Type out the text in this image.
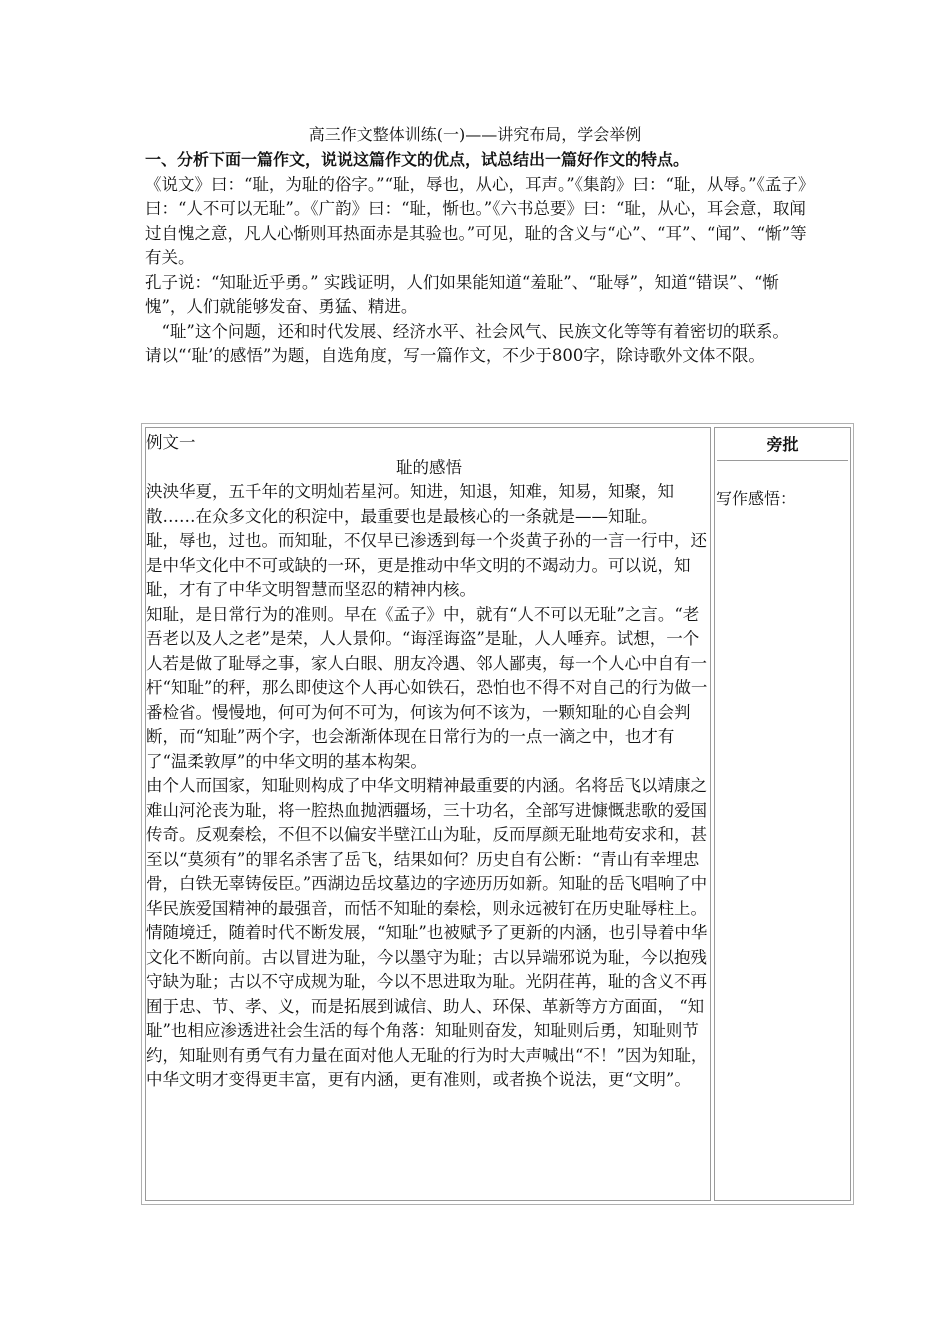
高三作文整体训练(一)——讲究布局，学会举例

一、分析下面一篇作文，说说这篇作文的优点，试总结出一篇好作文的特点。

《说文》曰：“耻，为耻的俗字。”“耻，辱也，从心，耳声。”《集韵》曰：“耻，从辱。”《孟子》曰：“人不可以无耻”。《广韵》曰：“耻，惭也。”《六书总要》曰：“耻，从心，耳会意，取闻过自愧之意，凡人心惭则耳热面赤是其验也。”可见，耻的含义与“心”、“耳”、“闻”、“惭”等有关。

孔子说：“知耻近乎勇。” 实践证明，人们如果能知道“羞耻”、“耻辱”，知道“错误”、“惭愧”，人们就能够发奋、勇猛、精进。

“耻”这个问题，还和时代发展、经济水平、社会风气、民族文化等等有着密切的联系。

请以“‘耻’的感悟”为题，自选角度，写一篇作文，不少于800字，除诗歌外文体不限。

例文一

耻的感悟

泱泱华夏，五千年的文明灿若星河。知进，知退，知难，知易，知聚，知散……在众多文化的积淀中，最重要也是最核心的一条就是——知耻。

耻，辱也，过也。而知耻，不仅早已渗透到每一个炎黄子孙的一言一行中，还是中华文化中不可或缺的一环，更是推动中华文明的不竭动力。可以说，知耻，才有了中华文明智慧而坚忍的精神内核。

知耻，是日常行为的准则。早在《孟子》中，就有“人不可以无耻”之言。“老吾老以及人之老”是荣，人人景仰。“诲淫诲盗”是耻，人人唾弃。试想，一个人若是做了耻辱之事，家人白眼、朋友冷遇、邻人鄙夷，每一个人心中自有一杆“知耻”的秤，那么即使这个人再心如铁石，恐怕也不得不对自己的行为做一番检省。慢慢地，何可为何不可为，何该为何不该为，一颗知耻的心自会判断，而“知耻”两个字，也会渐渐体现在日常行为的一点一滴之中，也才有了“温柔敦厚”的中华文明的基本构架。

由个人而国家，知耻则构成了中华文明精神最重要的内涵。名将岳飞以靖康之难山河沦丧为耻，将一腔热血抛洒疆场，三十功名，全部写进慷慨悲歌的爱国传奇。反观秦桧，不但不以偏安半壁江山为耻，反而厚颜无耻地苟安求和，甚至以“莫须有”的罪名杀害了岳飞，结果如何？历史自有公断：“青山有幸埋忠骨，白铁无辜铸佞臣。”西湖边岳坟墓边的字迹历历如新。知耻的岳飞唱响了中华民族爱国精神的最强音，而恬不知耻的秦桧，则永远被钉在历史耻辱柱上。

情随境迁，随着时代不断发展，“知耻”也被赋予了更新的内涵，也引导着中华文化不断向前。古以冒进为耻，今以墨守为耻；古以异端邪说为耻，今以抱残守缺为耻；古以不守成规为耻，今以不思进取为耻。光阴荏苒，耻的含义不再囿于忠、节、孝、义，而是拓展到诚信、助人、环保、革新等方方面面， “知耻”也相应渗透进社会生活的每个角落：知耻则奋发，知耻则后勇，知耻则节约，知耻则有勇气有力量在面对他人无耻的行为时大声喊出“不！”因为知耻，中华文明才变得更丰富，更有内涵，更有准则，或者换个说法，更“文明”。

旁批
写作感悟：
